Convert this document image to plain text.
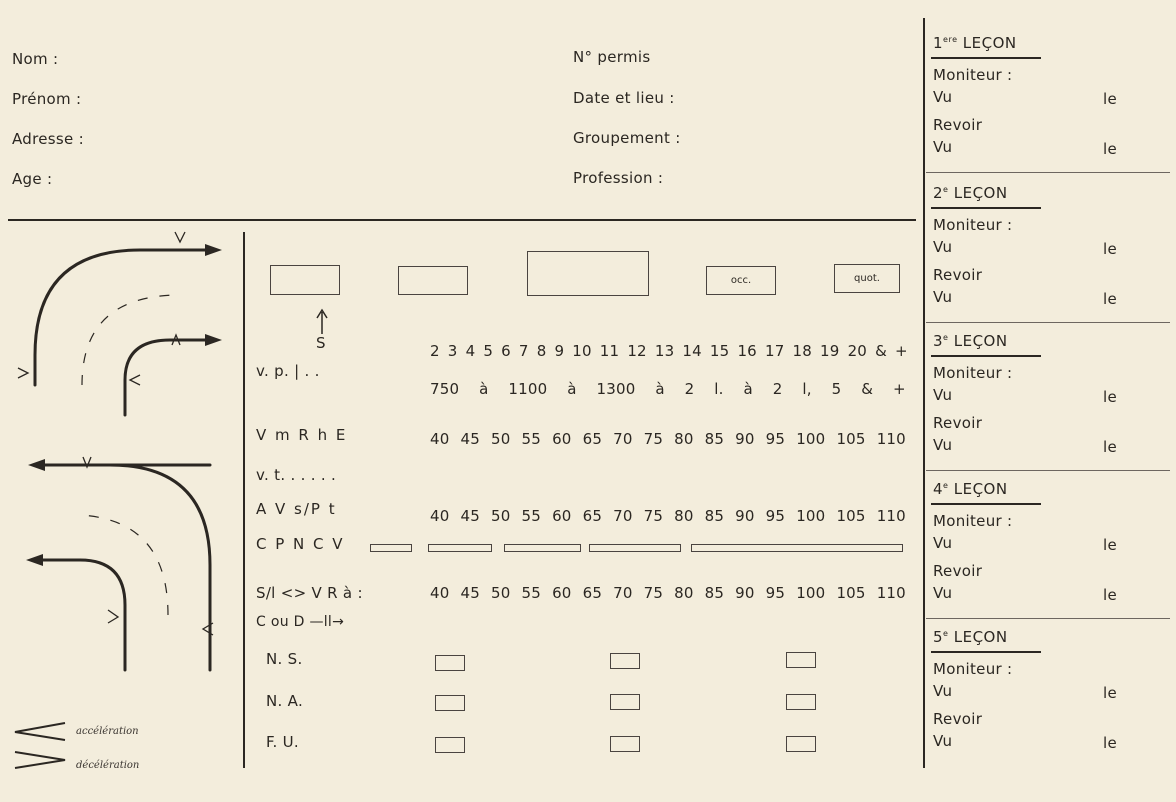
Nom :
Prénom :
Adresse :
Age :
N° permis
Date et lieu :
Groupement :
Profession :
accélération
décélération
occ.	quot.
S
v. p. | . .
2 3 4 5 6 7 8 9 10 11 12 13 14 15 16 17 18 19 20 & +
750 à 1100 à 1300 à 2 l. à 2 l, 5 & +
V m R h E	40 45 50 55 60 65 70 75 80 85 90 95 100 105 110
v. t. . . . . .
A V s/P t	40 45 50 55 60 65 70 75 80 85 90 95 100 105 110
C P N C V
S/l <> V R à :	40 45 50 55 60 65 70 75 80 85 90 95 100 105 110
C ou D —ll→
N. S.
N. A.
F. U.
1ere LEÇON
Moniteur :
Vu	le
Revoir
Vu	le
2e LEÇON
Moniteur :
Vu	le
Revoir
Vu	le
3e LEÇON
Moniteur :
Vu	le
Revoir
Vu	le
4e LEÇON
Moniteur :
Vu	le
Revoir
Vu	le
5e LEÇON
Moniteur :
Vu	le
Revoir
Vu	le
